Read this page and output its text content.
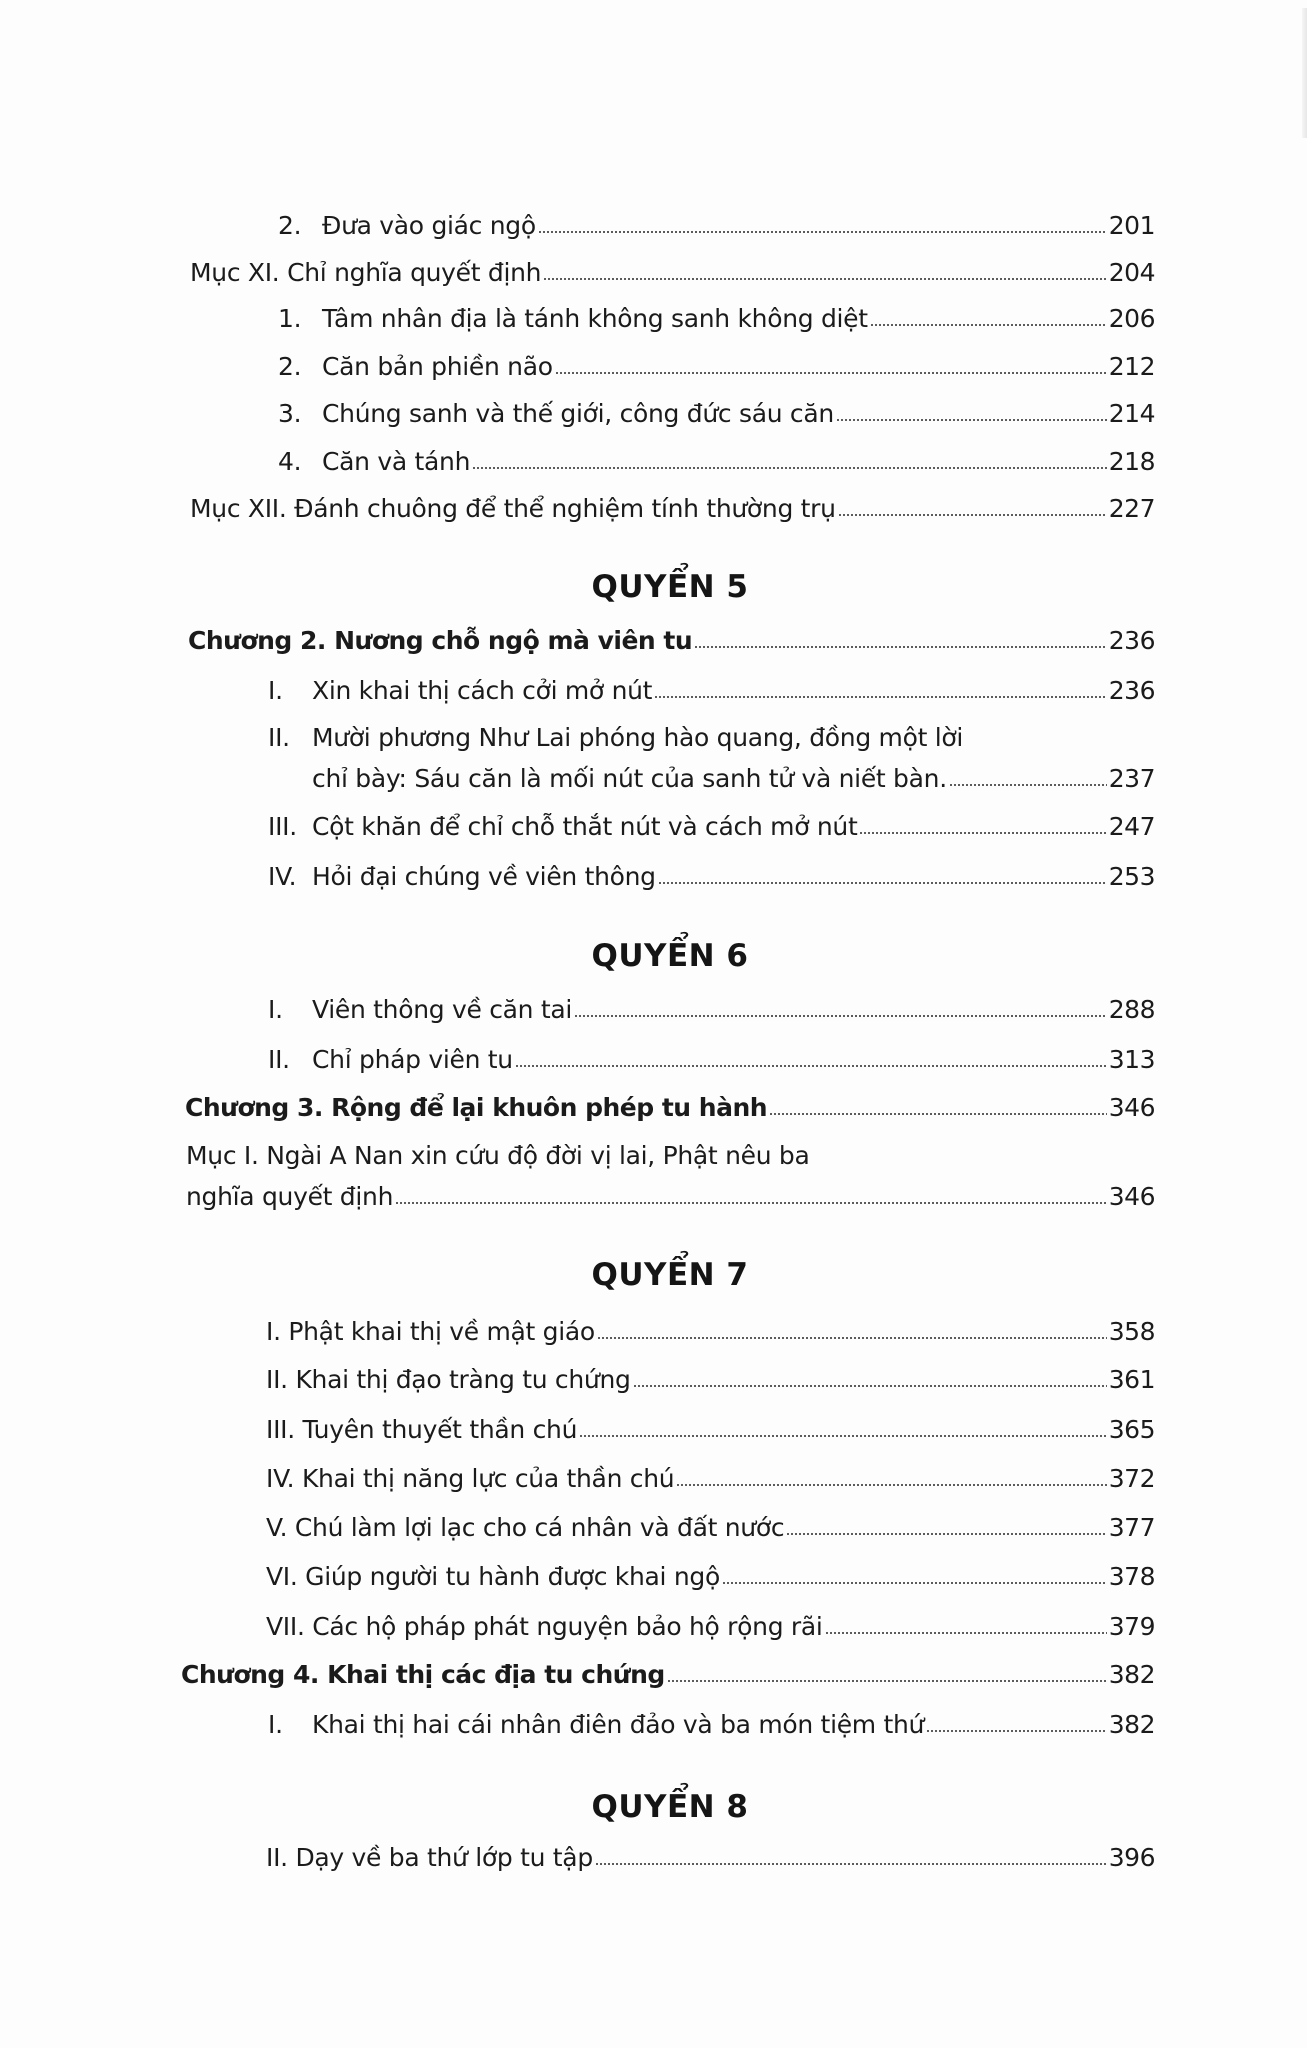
2. Đưa vào giác ngộ	201
Mục XI. Chỉ nghĩa quyết định	204
1. Tâm nhân địa là tánh không sanh không diệt	206
2. Căn bản phiền não	212
3. Chúng sanh và thế giới, công đức sáu căn	214
4. Căn và tánh	218
Mục XII. Đánh chuông để thể nghiệm tính thường trụ	227
QUYỂN 5
Chương 2. Nương chỗ ngộ mà viên tu	236
I.	Xin khai thị cách cởi mở nút	236
II. Mười phương Như Lai phóng hào quang, đồng một lời
chỉ bày: Sáu căn là mối nút của sanh tử và niết bàn.	237
III. Cột khăn để chỉ chỗ thắt nút và cách mở nút	247
IV. Hỏi đại chúng về viên thông	253
QUYỂN 6
I.	Viên thông về căn tai	288
II. Chỉ pháp viên tu	313
Chương 3. Rộng để lại khuôn phép tu hành	346
Mục I. Ngài A Nan xin cứu độ đời vị lai, Phật nêu ba
nghĩa quyết định	346
QUYỂN 7
I. Phật khai thị về mật giáo	358
II. Khai thị đạo tràng tu chứng	361
III. Tuyên thuyết thần chú	365
IV. Khai thị năng lực của thần chú	372
V. Chú làm lợi lạc cho cá nhân và đất nước	377
VI. Giúp người tu hành được khai ngộ	378
VII. Các hộ pháp phát nguyện bảo hộ rộng rãi	379
Chương 4. Khai thị các địa tu chứng	382
I.	Khai thị hai cái nhân điên đảo và ba món tiệm thứ	382
QUYỂN 8
II. Dạy về ba thứ lớp tu tập	396
